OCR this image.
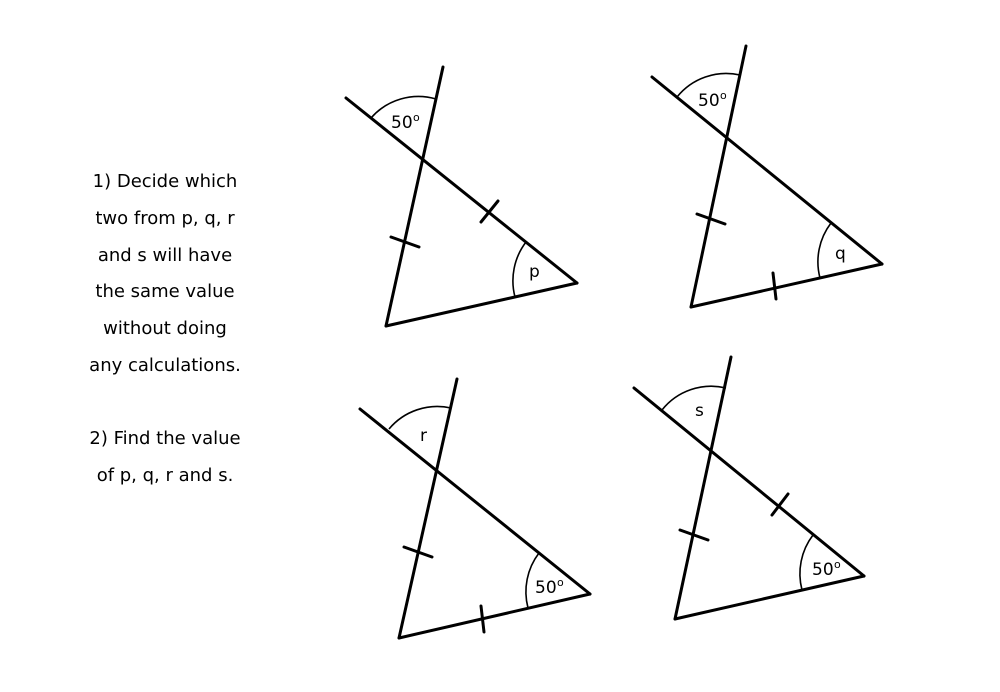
1) Decide which
two from p, q, r
and s will have
the same value
without doing
any calculations.
2) Find the value
of p, q, r and s.
50 o
p
50 o
q
r
50 o
s
50 o
